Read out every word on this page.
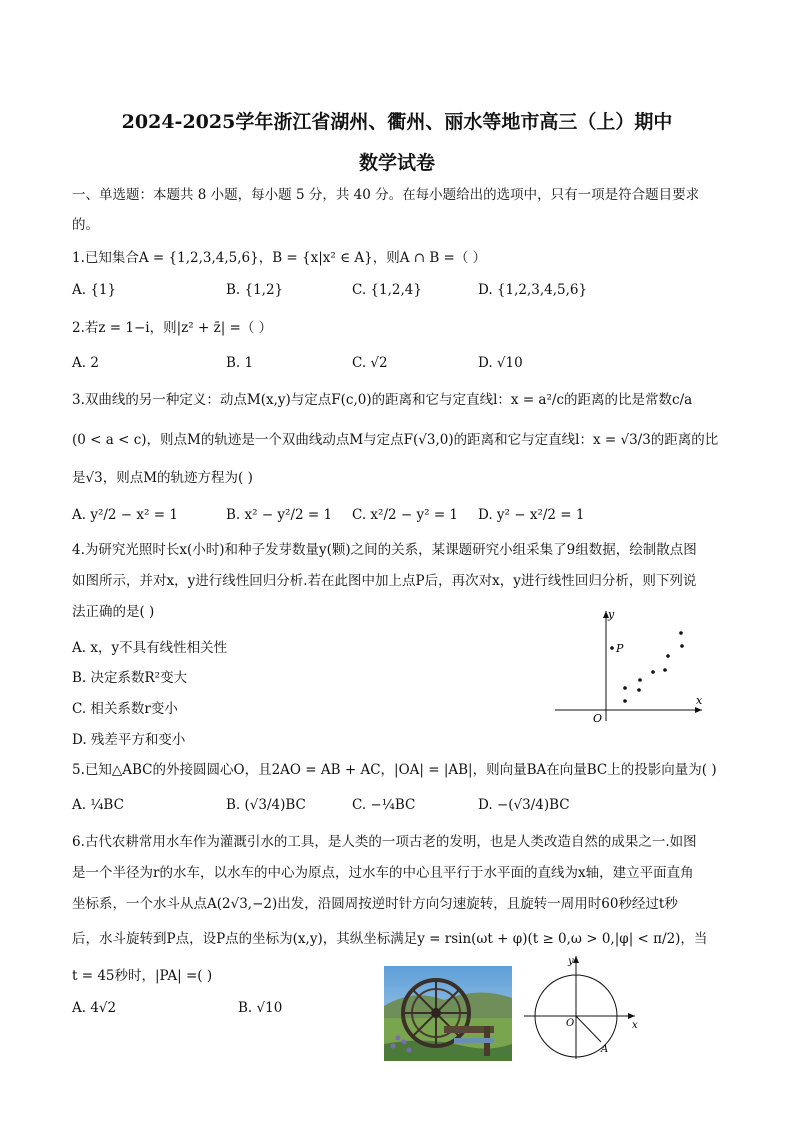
2024-2025学年浙江省湖州、衢州、丽水等地市高三（上）期中
数学试卷
一、单选题：本题共 8 小题，每小题 5 分，共 40 分。在每小题给出的选项中，只有一项是符合题目要求
的。
1.已知集合A = {1,2,3,4,5,6}，B = {x|x² ∈ A}，则A ∩ B =（ ）
A. {1}	B. {1,2}	C. {1,2,4}	D. {1,2,3,4,5,6}
2.若z = 1−i，则|z² + z̄| =（ ）
A. 2	B. 1	C. √2	D. √10
3.双曲线的另一种定义：动点M(x,y)与定点F(c,0)的距离和它与定直线l：x = a²/c的距离的比是常数c/a
(0 < a < c)，则点M的轨迹是一个双曲线动点M与定点F(√3,0)的距离和它与定直线l：x = √3/3的距离的比
是√3，则点M的轨迹方程为( )
A. y²/2 − x² = 1	B. x² − y²/2 = 1 C. x²/2 − y² = 1 D. y² − x²/2 = 1
4.为研究光照时长x(小时)和种子发芽数量y(颗)之间的关系，某课题研究小组采集了9组数据，绘制散点图
如图所示，并对x，y进行线性回归分析.若在此图中加上点P后，再次对x，y进行线性回归分析，则下列说
法正确的是( )
A. x，y不具有线性相关性
B. 决定系数R²变大
C. 相关系数r变小
D. 残差平方和变小
y
x
O
P
5.已知△ABC的外接圆圆心O，且2AO = AB + AC，|OA| = |AB|，则向量BA在向量BC上的投影向量为( )
A. ¼BC	B. (√3/4)BC	C. −¼BC	D. −(√3/4)BC
6.古代农耕常用水车作为灌溉引水的工具，是人类的一项古老的发明，也是人类改造自然的成果之一.如图
是一个半径为r的水车，以水车的中心为原点，过水车的中心且平行于水平面的直线为x轴，建立平面直角
坐标系，一个水斗从点A(2√3,−2)出发，沿圆周按逆时针方向匀速旋转，且旋转一周用时60秒经过t秒
后，水斗旋转到P点，设P点的坐标为(x,y)，其纵坐标满足y = rsin(ωt + φ)(t ≥ 0,ω > 0,|φ| < π/2)，当
t = 45秒时，|PA| =( )
A. 4√2	B. √10
y
x
O
A
